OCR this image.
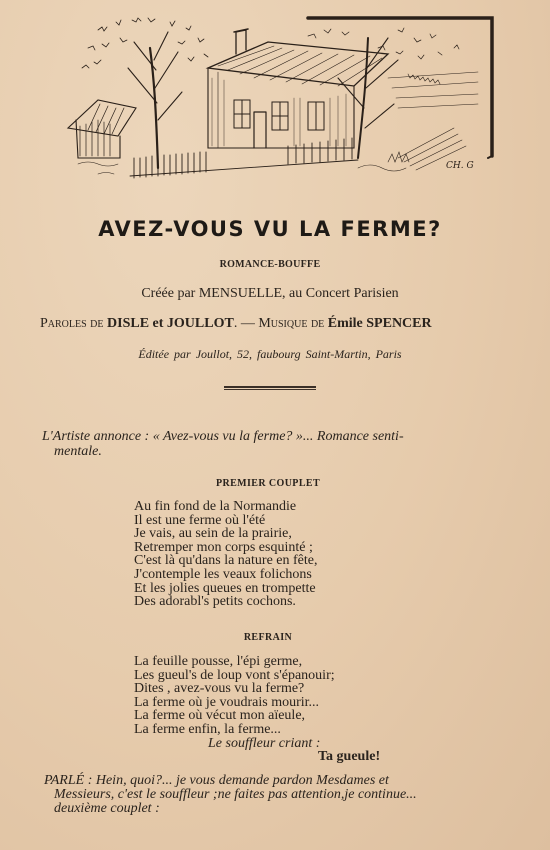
CH. G
AVEZ-VOUS VU LA FERME?
ROMANCE-BOUFFE
Créée par MENSUELLE, au Concert Parisien
Paroles de DISLE et JOULLOT. — Musique de Émile SPENCER
Éditée par Joullot, 52, faubourg Saint-Martin, Paris
L'Artiste annonce : « Avez-vous vu la ferme? »... Romance senti-
mentale.
PREMIER COUPLET
Au fin fond de la Normandie
Il est une ferme où l'été
Je vais, au sein de la prairie,
Retremper mon corps esquinté ;
C'est là qu'dans la nature en fête,
J'contemple les veaux folichons
Et les jolies queues en trompette
Des adorabl's petits cochons.
REFRAIN
La feuille pousse, l'épi germe,
Les gueul's de loup vont s'épanouir;
Dites , avez-vous vu la ferme?
La ferme où je voudrais mourir...
La ferme où vécut mon aïeule,
La ferme enfin, la ferme...
Le souffleur criant :
Ta gueule!
PARLÉ : Hein, quoi?... je vous demande pardon Mesdames et
Messieurs, c'est le souffleur ;ne faites pas attention,je continue...
deuxième couplet :
